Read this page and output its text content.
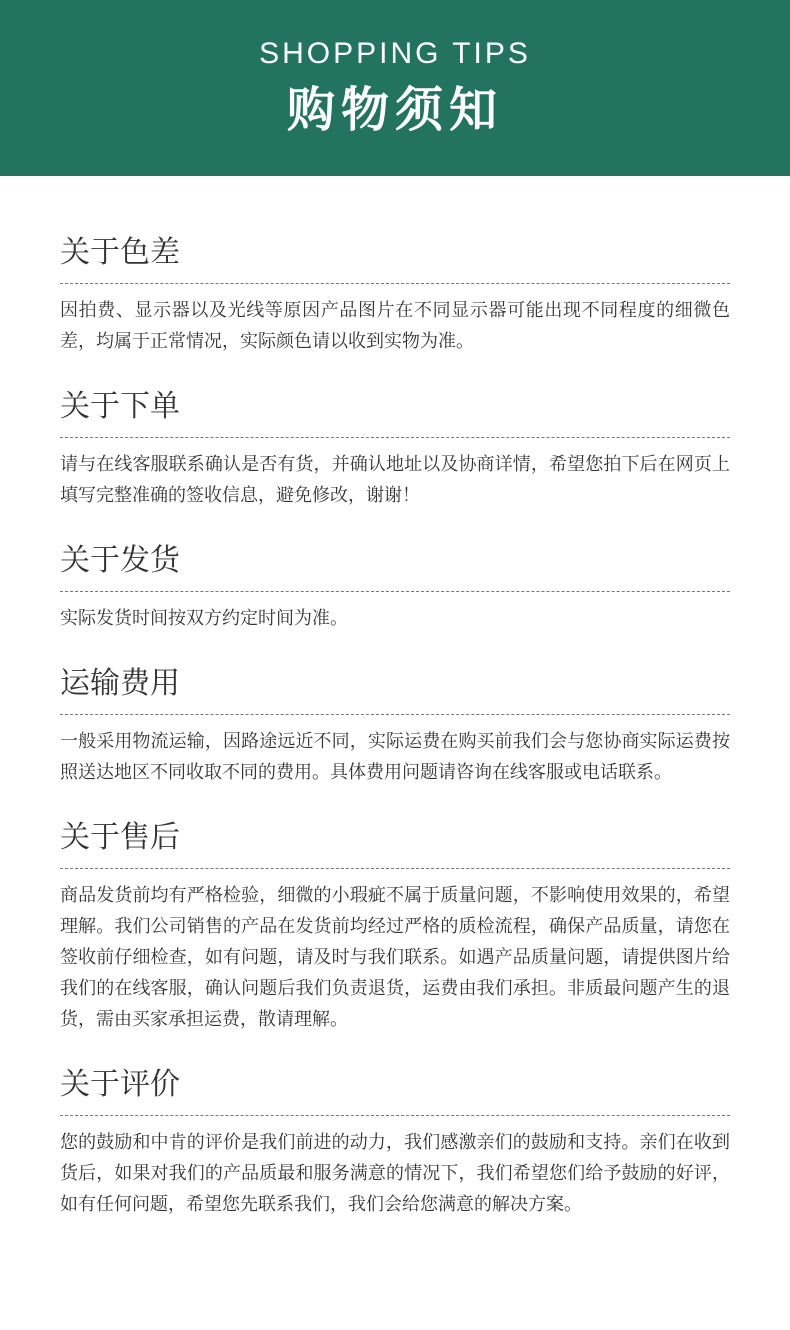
SHOPPING TIPS
购物须知
关于色差
因拍费、显示器以及光线等原因产品图片在不同显示器可能出现不同程度的细微色差，均属于正常情况，实际颜色请以收到实物为准。
关于下单
请与在线客服联系确认是否有货，并确认地址以及协商详情，希望您拍下后在网页上填写完整准确的签收信息，避免修改，谢谢！
关于发货
实际发货时间按双方约定时间为准。
运输费用
一般采用物流运输，因路途远近不同，实际运费在购买前我们会与您协商实际运费按照送达地区不同收取不同的费用。具体费用问题请咨询在线客服或电话联系。
关于售后
商品发货前均有严格检验，细微的小瑕疵不属于质量问题，不影响使用效果的，希望理解。我们公司销售的产品在发货前均经过严格的质检流程，确保产品质量，请您在签收前仔细检查，如有问题，请及时与我们联系。如遇产品质量问题，请提供图片给我们的在线客服，确认问题后我们负责退货，运费由我们承担。非质最问题产生的退货，需由买家承担运费，散请理解。
关于评价
您的鼓励和中肯的评价是我们前进的动力，我们感激亲们的鼓励和支持。亲们在收到货后，如果对我们的产品质最和服务满意的情况下，我们希望您们给予鼓励的好评，如有任何问题，希望您先联系我们，我们会给您满意的解决方案。
